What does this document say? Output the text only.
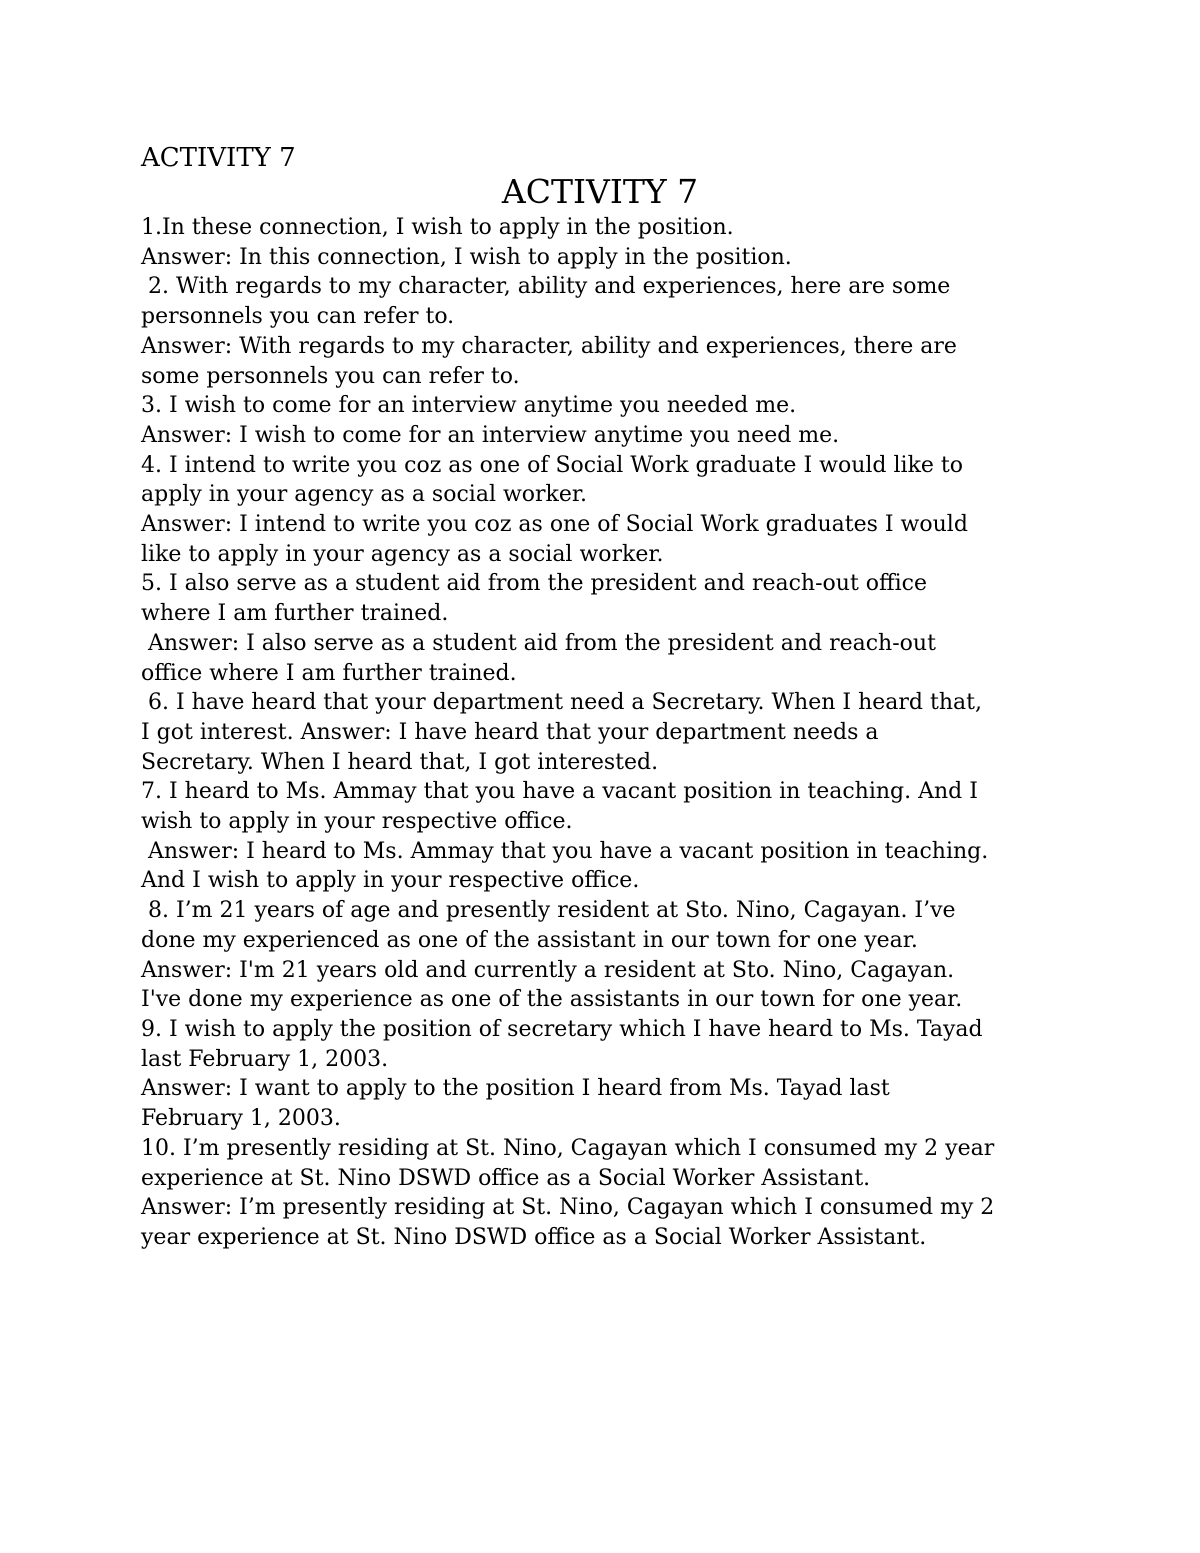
ACTIVITY 7
ACTIVITY 7
1.In these connection, I wish to apply in the position.
Answer: In this connection, I wish to apply in the position.
2. With regards to my character, ability and experiences, here are some
personnels you can refer to.
Answer: With regards to my character, ability and experiences, there are
some personnels you can refer to.
3. I wish to come for an interview anytime you needed me.
Answer: I wish to come for an interview anytime you need me.
4. I intend to write you coz as one of Social Work graduate I would like to
apply in your agency as a social worker.
Answer: I intend to write you coz as one of Social Work graduates I would
like to apply in your agency as a social worker.
5. I also serve as a student aid from the president and reach-out office
where I am further trained.
Answer: I also serve as a student aid from the president and reach-out
office where I am further trained.
6. I have heard that your department need a Secretary. When I heard that,
I got interest. Answer: I have heard that your department needs a
Secretary. When I heard that, I got interested.
7. I heard to Ms. Ammay that you have a vacant position in teaching. And I
wish to apply in your respective office.
Answer: I heard to Ms. Ammay that you have a vacant position in teaching.
And I wish to apply in your respective office.
8. I’m 21 years of age and presently resident at Sto. Nino, Cagayan. I’ve
done my experienced as one of the assistant in our town for one year.
Answer: I'm 21 years old and currently a resident at Sto. Nino, Cagayan.
I've done my experience as one of the assistants in our town for one year.
9. I wish to apply the position of secretary which I have heard to Ms. Tayad
last February 1, 2003.
Answer: I want to apply to the position I heard from Ms. Tayad last
February 1, 2003.
10. I’m presently residing at St. Nino, Cagayan which I consumed my 2 year
experience at St. Nino DSWD office as a Social Worker Assistant.
Answer: I’m presently residing at St. Nino, Cagayan which I consumed my 2
year experience at St. Nino DSWD office as a Social Worker Assistant.
